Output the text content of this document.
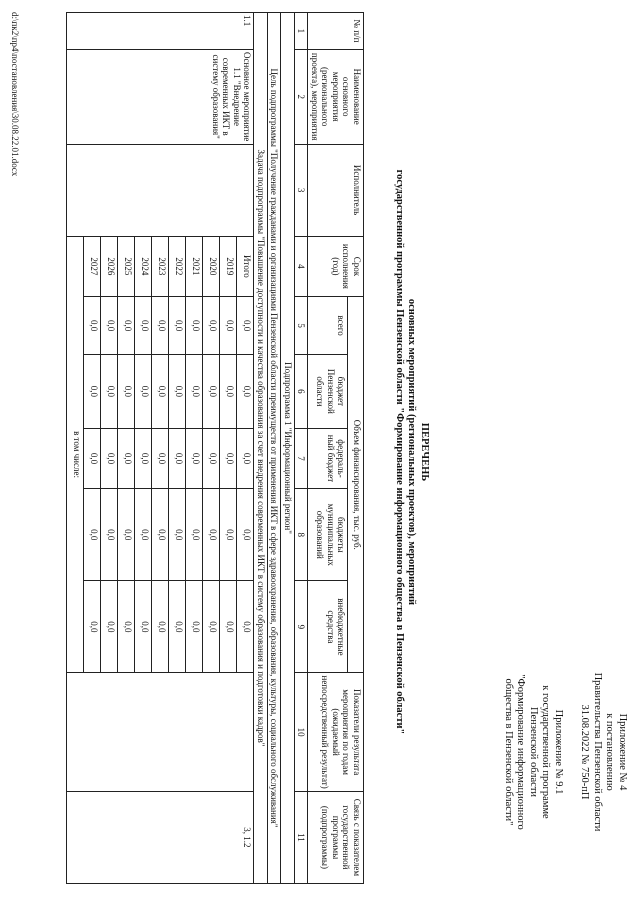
Приложение № 4
к постановлению
Правительства Пензенской области
31.08.2022 № 750-пП
Приложение № 9.1
к государственной программе
Пензенской области
"Формирование информационного
общества в Пензенской области"
ПЕРЕЧЕНЬ
основных мероприятий (региональных проектов), мероприятий
государственной программы Пензенской области "Формирование информационного общества в Пензенской области"
№ п/п	Наименование основного мероприятия (регионального проекта), мероприятия	Исполнитель	Срок исполнения (год)	Объем финансирования, тыс. руб.					Показатели результата мероприятия по годам (ожидаемый непосредственный результат)	Связь с показателем государственной программы (подпрограммы)
				всего	бюджет Пензенской области	федераль- ный бюджет	бюджеты муниципальных образований	внебюджетные средства		
1	2	3	4	5	6	7	8	9	10	11
Подпрограмма 1 "Информационный регион"										
Цель подпрограммы "Получение гражданами и организациями Пензенской области преимуществ от применения ИКТ в сфере здравоохранения, образования, культуры, социального обслуживания"										
Задача подпрограммы "Повышение доступности и качества образования за счет внедрения современных ИКТ в систему образования и подготовки кадров"										
1.1	Основное мероприятие 1.1 "Внедрение современных ИКТ в систему образования"		Итого	0,0	0,0	0,0	0,0	0,0		3, 1.2
			2019	0,0	0,0	0,0	0,0	0,0		
			2020	0,0	0,0	0,0	0,0	0,0		
			2021	0,0	0,0	0,0	0,0	0,0		
			2022	0,0	0,0	0,0	0,0	0,0		
			2023	0,0	0,0	0,0	0,0	0,0		
			2024	0,0	0,0	0,0	0,0	0,0		
			2025	0,0	0,0	0,0	0,0	0,0		
			2026	0,0	0,0	0,0	0,0	0,0		
			2027	0,0	0,0	0,0	0,0	0,0		
			в том числе:							
d:\пк2\пр4\постановления\30.08.22.01.docx
